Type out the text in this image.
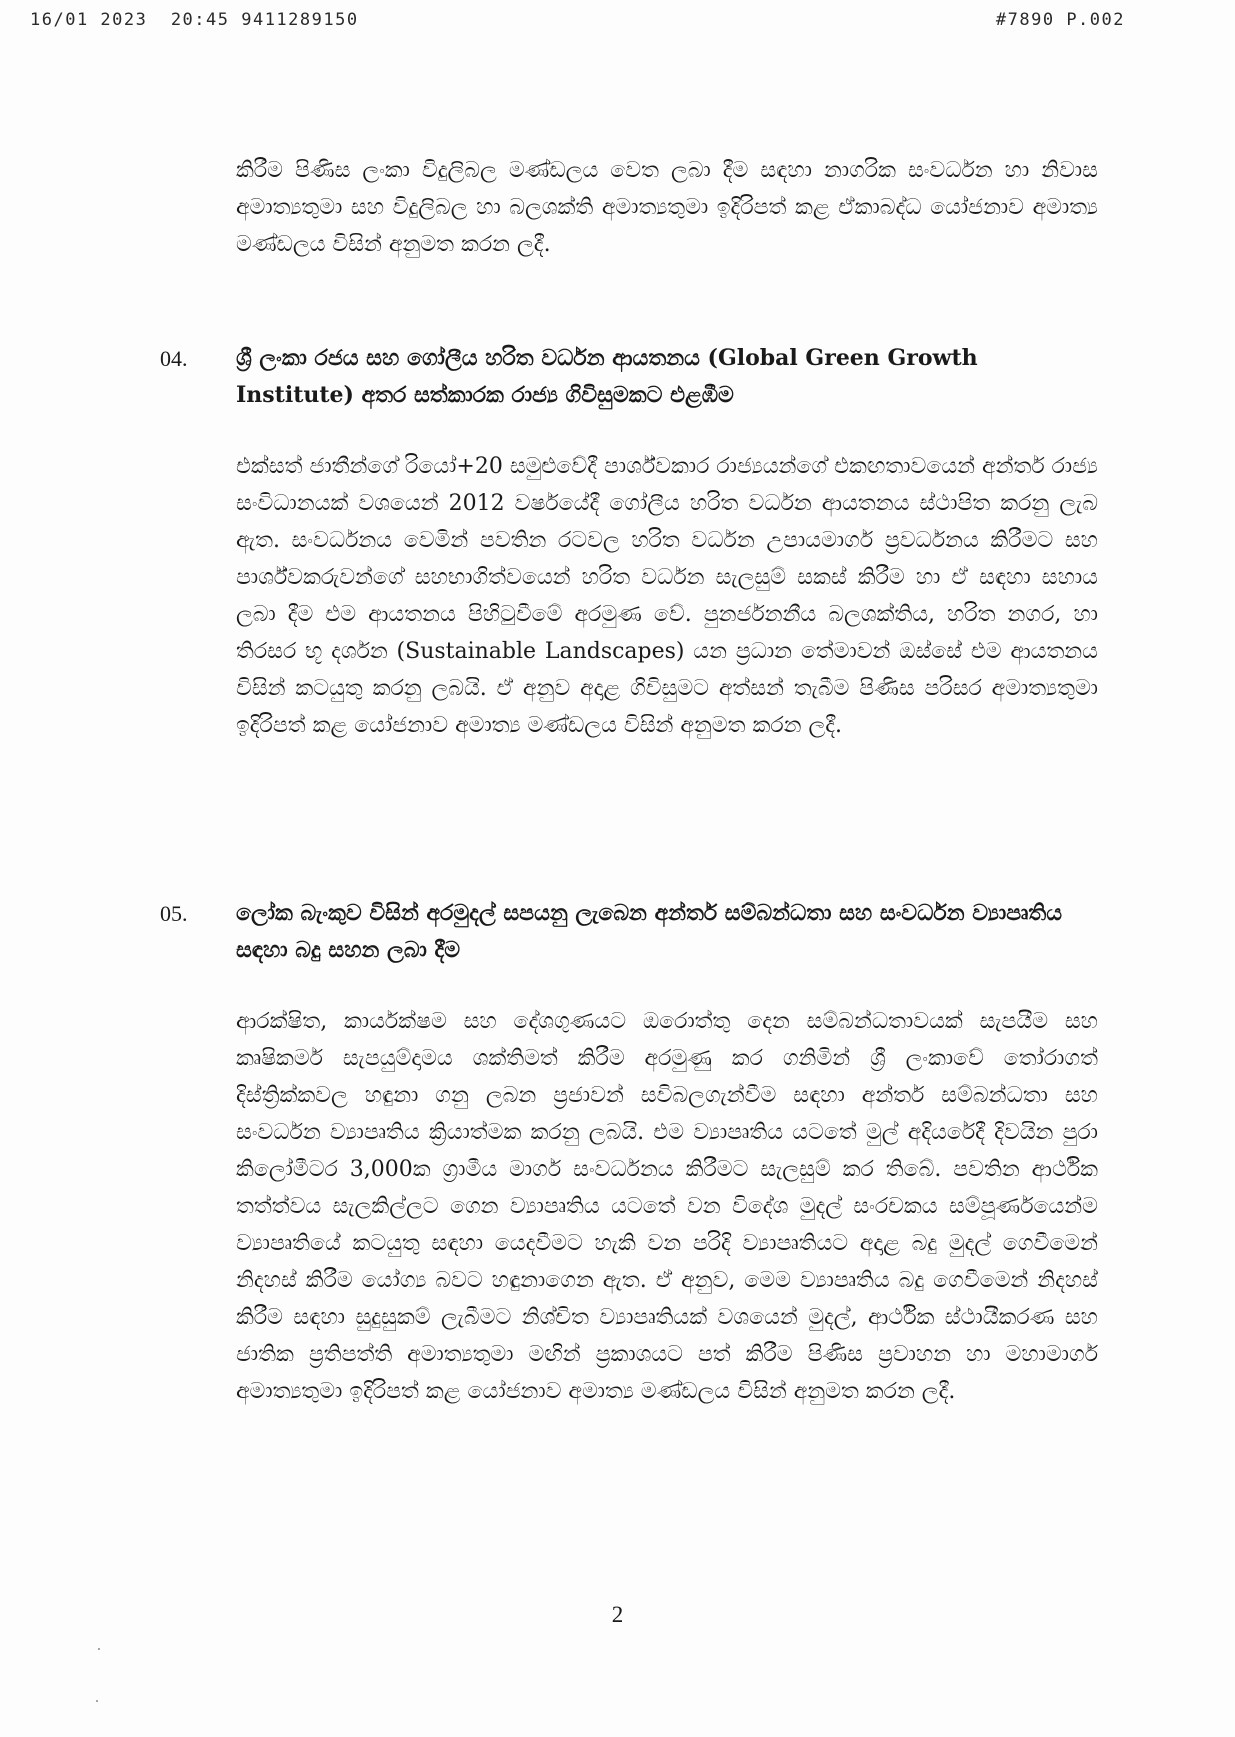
16/01 2023  20:45 9411289150	#7890 P.002

කිරීම පිණිස ලංකා විදුලිබල මණ්ඩලය වෙත ලබා දීම සඳහා නාගරික සංවර්ධන හා නිවාස අමාත්‍යතුමා සහ විදුලිබල හා බලශක්ති අමාත්‍යතුමා ඉදිරිපත් කළ ඒකාබද්ධ යෝජනාව අමාත්‍ය මණ්ඩලය විසින් අනුමත කරන ලදී.

04. ශ්‍රී ලංකා රජය සහ ගෝලීය හරිත වර්ධන ආයතනය (Global Green Growth Institute) අතර සත්කාරක රාජ්‍ය ගිවිසුමකට එළඹීම

එක්සත් ජාතීන්ගේ රියෝ+20 සමුළුවේදී පාර්ශ්වකාර රාජ්‍යයන්ගේ එකඟතාවයෙන් අන්තර් රාජ්‍ය සංවිධානයක් වශයෙන් 2012 වර්ෂයේදී ගෝලීය හරිත වර්ධන ආයතනය ස්ථාපිත කරනු ලැබ ඇත. සංවර්ධනය වෙමින් පවතින රටවල හරිත වර්ධන උපායමාර්ග ප්‍රවර්ධනය කිරීමට සහ පාර්ශ්වකරුවන්ගේ සහභාගිත්වයෙන් හරිත වර්ධන සැලසුම් සකස් කිරීම හා ඒ සඳහා සහාය ලබා දීම එම ආයතනය පිහිටුවීමේ අරමුණ වේ. පුනර්ජනනීය බලශක්තිය, හරිත නගර, හා තිරසර භූ දර්ශන (Sustainable Landscapes) යන ප්‍රධාන තේමාවන් ඔස්සේ එම ආයතනය විසින් කටයුතු කරනු ලබයි. ඒ අනුව අදාළ ගිවිසුමට අත්සන් තැබීම පිණිස පරිසර අමාත්‍යතුමා ඉදිරිපත් කළ යෝජනාව අමාත්‍ය මණ්ඩලය විසින් අනුමත කරන ලදී.

05. ලෝක බැංකුව විසින් අරමුදල් සපයනු ලැබෙන අන්තර් සම්බන්ධතා සහ සංවර්ධන ව්‍යාපෘතිය සඳහා බදු සහන ලබා දීම

ආරක්ෂිත, කාර්යක්ෂම සහ දේශගුණයට ඔරොත්තු දෙන සම්බන්ධතාවයක් සැපයීම සහ කෘෂිකර්ම සැපයුම්දාමය ශක්තිමත් කිරීම අරමුණු කර ගනිමින් ශ්‍රී ලංකාවේ තෝරාගත් දිස්ත්‍රික්කවල හඳුනා ගනු ලබන ප්‍රජාවන් සවිබලගැන්වීම සඳහා අන්තර් සම්බන්ධතා සහ සංවර්ධන ව්‍යාපෘතිය ක්‍රියාත්මක කරනු ලබයි. එම ව්‍යාපෘතිය යටතේ මුල් අදියරේදී දිවයින පුරා කිලෝමීටර 3,000ක ග්‍රාමීය මාර්ග සංවර්ධනය කිරීමට සැලසුම් කර තිබේ. පවතින ආර්ථික තත්ත්වය සැලකිල්ලට ගෙන ව්‍යාපෘතිය යටතේ වන විදේශ මුදල් සංරචකය සම්පූර්ණයෙන්ම ව්‍යාපෘතියේ කටයුතු සඳහා යෙදවීමට හැකි වන පරිදි ව්‍යාපෘතියට අදාළ බදු මුදල් ගෙවීමෙන් නිදහස් කිරීම යෝග්‍ය බවට හඳුනාගෙන ඇත. ඒ අනුව, මෙම ව්‍යාපෘතිය බදු ගෙවීමෙන් නිදහස් කිරීම සඳහා සුදුසුකම් ලැබීමට නිශ්චිත ව්‍යාපෘතියක් වශයෙන් මුදල්, ආර්ථික ස්ථායීකරණ සහ ජාතික ප්‍රතිපත්ති අමාත්‍යතුමා මඟින් ප්‍රකාශයට පත් කිරීම පිණිස ප්‍රවාහන හා මහාමාර්ග අමාත්‍යතුමා ඉදිරිපත් කළ යෝජනාව අමාත්‍ය මණ්ඩලය විසින් අනුමත කරන ලදී.

2
